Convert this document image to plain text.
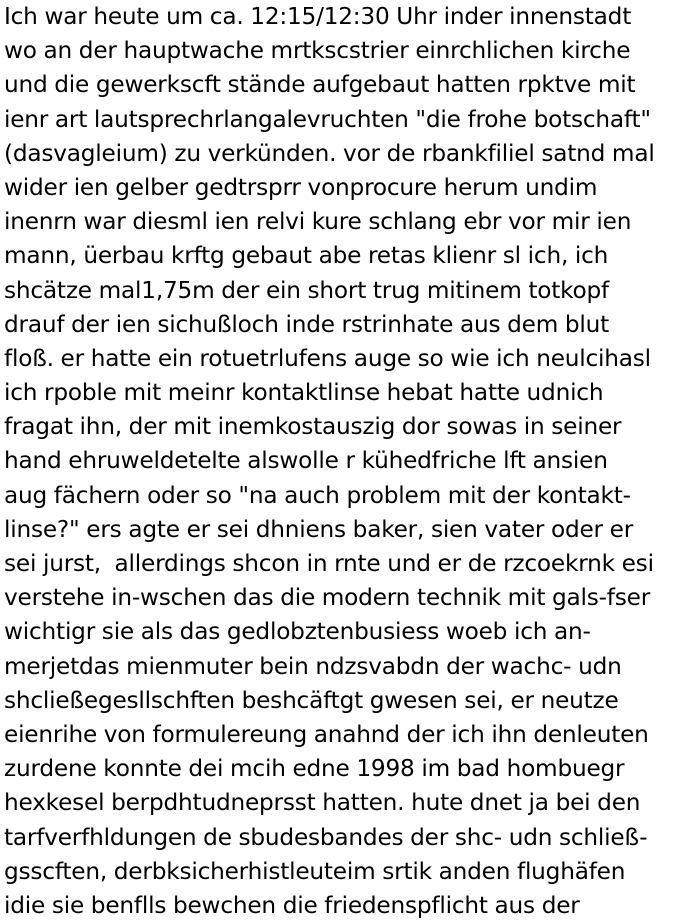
Ich war heute um ca. 12:15/12:30 Uhr inder innenstadt
wo an der hauptwache mrtkscstrier einrchlichen kirche
und die gewerkscft stände aufgebaut hatten rpktve mit
ienr art lautsprechrlangalevruchten "die frohe botschaft"
(dasvagleium) zu verkünden. vor de rbankfiliel satnd mal
wider ien gelber gedtrsprr vonprocure herum undim
inenrn war diesml ien relvi kure schlang ebr vor mir ien
mann, üerbau krftg gebaut abe retas klienr sl ich, ich
shcätze mal1,75m der ein short trug mitinem totkopf
drauf der ien sichußloch inde rstrinhate aus dem blut
floß. er hatte ein rotuetrlufens auge so wie ich neulcihasl
ich rpoble mit meinr kontaktlinse hebat hatte udnich
fragat ihn, der mit inemkostauszig dor sowas in seiner
hand ehruweldetelte alswolle r kühedfriche lft ansien
aug fächern oder so "na auch problem mit der kontakt-
linse?" ers agte er sei dhniens baker, sien vater oder er
sei jurst,  allerdings shcon in rnte und er de rzcoekrnk esi
verstehe in-wschen das die modern technik mit gals-fser
wichtigr sie als das gedlobztenbusiess woeb ich an-
merjetdas mienmuter bein ndzsvabdn der wachc- udn
shcließegesllschften beshcäftgt gwesen sei, er neutze
eienrihe von formulereung anahnd der ich ihn denleuten
zurdene konnte dei mcih edne 1998 im bad hombuegr
hexkesel berpdhtudneprsst hatten. hute dnet ja bei den
tarfverfhldungen de sbudesbandes der shc- udn schließ-
gsscften, derbksicherhistleuteim srtik anden flughäfen
idie sie benflls bewchen die friedenspflicht aus der
